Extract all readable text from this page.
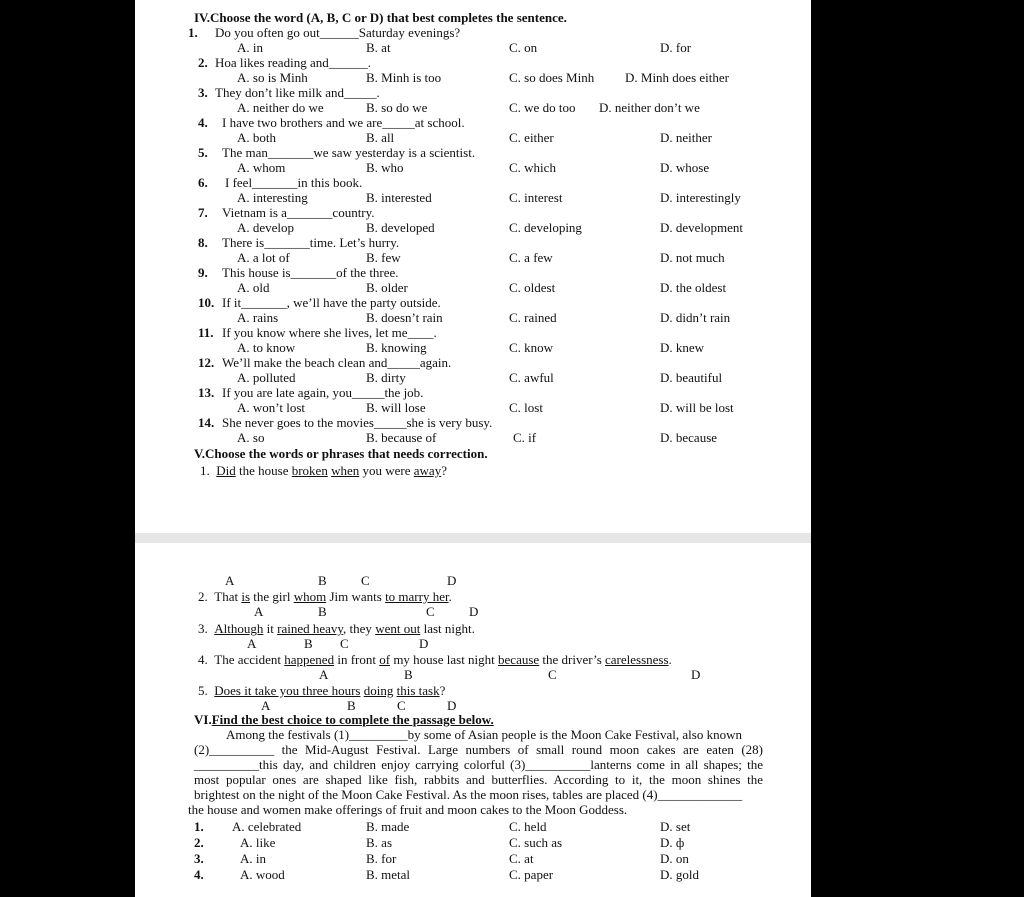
IV.Choose the word (A, B, C or D) that best completes the sentence.
1. Do you often go out______Saturday evenings?
A. in	B. at	C. on	D. for
2. Hoa likes reading and______.
A. so is Minh	B. Minh is too	C. so does Minh D. Minh does either
3. They don’t like milk and_____.
A. neither do we	B. so do we	C. we do too D. neither don’t we
4. I have two brothers and we are_____at school.
A. both	B. all	C. either	D. neither
5. The man_______we saw yesterday is a scientist.
A. whom	B. who	C. which	D. whose
6. I feel_______in this book.
A. interesting	B. interested	C. interest	D. interestingly
7. Vietnam is a_______country.
A. develop	B. developed	C. developing	D. development
8. There is_______time. Let’s hurry.
A. a lot of	B. few	C. a few	D. not much
9. This house is_______of the three.
A. old	B. older	C. oldest	D. the oldest
10. If it_______, we’ll have the party outside.
A. rains	B. doesn’t rain	C. rained	D. didn’t rain
11. If you know where she lives, let me____.
A. to know	B. knowing	C. know	D. knew
12. We’ll make the beach clean and_____again.
A. polluted	B. dirty	C. awful	D. beautiful
13. If you are late again, you_____the job.
A. won’t lost	B. will lose	C. lost	D. will be lost
14. She never goes to the movies_____she is very busy.
A. so	B. because of	C. if	D. because
V.Choose the words or phrases that needs correction.
1. Did the house broken when you were away?
A	B	C	D
2. That is the girl whom Jim wants to marry her.
A	B	C	D
3. Although it rained heavy, they went out last night.
A	B C	D
4. The accident happened in front of my house last night because the driver’s carelessness.
A	B	C	D
5. Does it take you three hours doing this task?
A	B	C	D
VI.Find the best choice to complete the passage below.
Among the festivals (1)_________by some of Asian people is the Moon Cake Festival, also known
(2)__________ the Mid-August Festival. Large numbers of small round moon cakes are eaten (28)
__________this day, and children enjoy carrying colorful (3)__________lanterns come in all shapes; the
most popular ones are shaped like fish, rabbits and butterflies. According to it, the moon shines the
brightest on the night of the Moon Cake Festival. As the moon rises, tables are placed (4)_____________
the house and women make offerings of fruit and moon cakes to the Moon Goddess.
1. A. celebrated	B. made	C. held	D. set
2.	A. like	B. as	C. such as	D. ф
3.	A. in	B. for	C. at	D. on
4.	A. wood	B. metal	C. paper	D. gold
